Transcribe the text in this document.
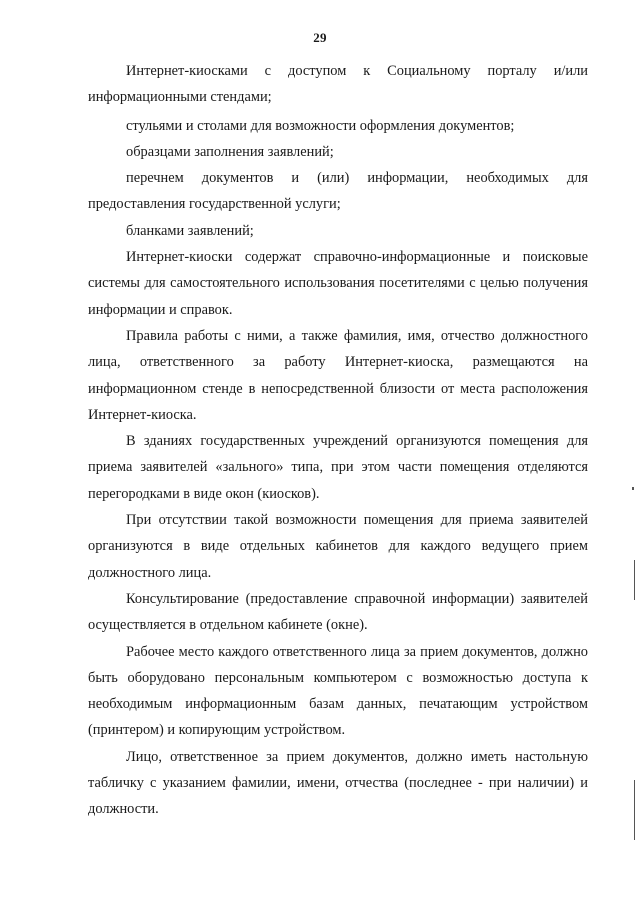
29

Интернет-киосками с доступом к Социальному порталу и/или информационными стендами;

стульями и столами для возможности оформления документов;

образцами заполнения заявлений;

перечнем документов и (или) информации, необходимых для предоставления государственной услуги;

бланками заявлений;

Интернет-киоски содержат справочно-информационные и поисковые системы для самостоятельного использования посетителями с целью получения информации и справок.

Правила работы с ними, а также фамилия, имя, отчество должностного лица, ответственного за работу Интернет-киоска, размещаются на информационном стенде в непосредственной близости от места расположения Интернет-киоска.

В зданиях государственных учреждений организуются помещения для приема заявителей «зального» типа, при этом части помещения отделяются перегородками в виде окон (киосков).

При отсутствии такой возможности помещения для приема заявителей организуются в виде отдельных кабинетов для каждого ведущего прием должностного лица.

Консультирование (предоставление справочной информации) заявителей осуществляется в отдельном кабинете (окне).

Рабочее место каждого ответственного лица за прием документов, должно быть оборудовано персональным компьютером с возможностью доступа к необходимым информационным базам данных, печатающим устройством (принтером) и копирующим устройством.

Лицо, ответственное за прием документов, должно иметь настольную табличку с указанием фамилии, имени, отчества (последнее - при наличии) и должности.
